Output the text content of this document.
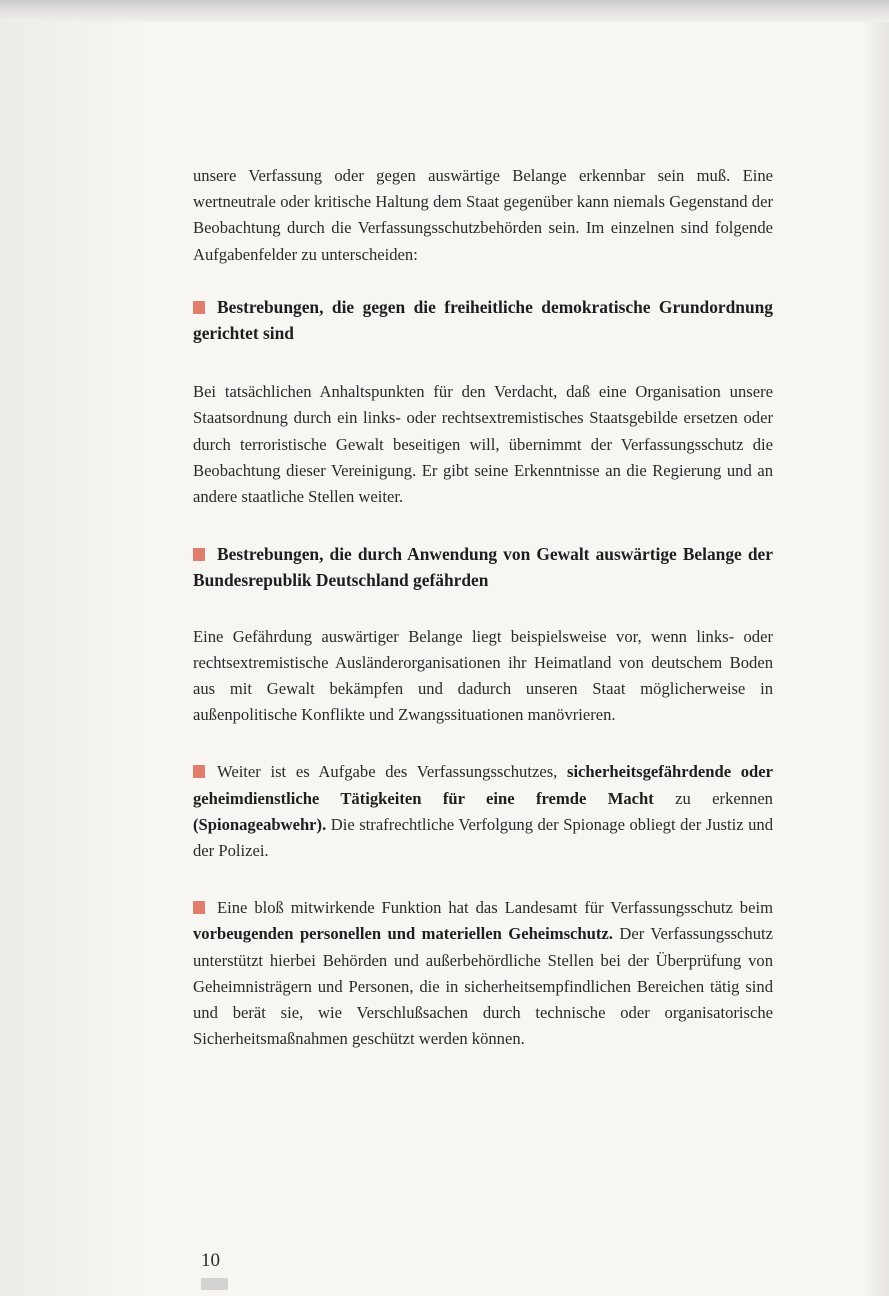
unsere Verfassung oder gegen auswärtige Belange erkennbar sein muß. Eine wertneutrale oder kritische Haltung dem Staat gegenüber kann niemals Gegenstand der Beobachtung durch die Verfassungsschutzbehörden sein. Im einzelnen sind folgende Aufgabenfelder zu unterscheiden:

Bestrebungen, die gegen die freiheitliche demokratische Grundordnung gerichtet sind

Bei tatsächlichen Anhaltspunkten für den Verdacht, daß eine Organisation unsere Staatsordnung durch ein links- oder rechtsextremistisches Staatsgebilde ersetzen oder durch terroristische Gewalt beseitigen will, übernimmt der Verfassungsschutz die Beobachtung dieser Vereinigung. Er gibt seine Erkenntnisse an die Regierung und an andere staatliche Stellen weiter.

Bestrebungen, die durch Anwendung von Gewalt auswärtige Belange der Bundesrepublik Deutschland gefährden

Eine Gefährdung auswärtiger Belange liegt beispielsweise vor, wenn links- oder rechtsextremistische Ausländerorganisationen ihr Heimatland von deutschem Boden aus mit Gewalt bekämpfen und dadurch unseren Staat möglicherweise in außenpolitische Konflikte und Zwangssituationen manövrieren.

Weiter ist es Aufgabe des Verfassungsschutzes, sicherheitsgefährdende oder geheimdienstliche Tätigkeiten für eine fremde Macht zu erkennen (Spionageabwehr). Die strafrechtliche Verfolgung der Spionage obliegt der Justiz und der Polizei.

Eine bloß mitwirkende Funktion hat das Landesamt für Verfassungsschutz beim vorbeugenden personellen und materiellen Geheimschutz. Der Verfassungsschutz unterstützt hierbei Behörden und außerbehördliche Stellen bei der Überprüfung von Geheimnisträgern und Personen, die in sicherheitsempfindlichen Bereichen tätig sind und berät sie, wie Verschlußsachen durch technische oder organisatorische Sicherheitsmaßnahmen geschützt werden können.

10
